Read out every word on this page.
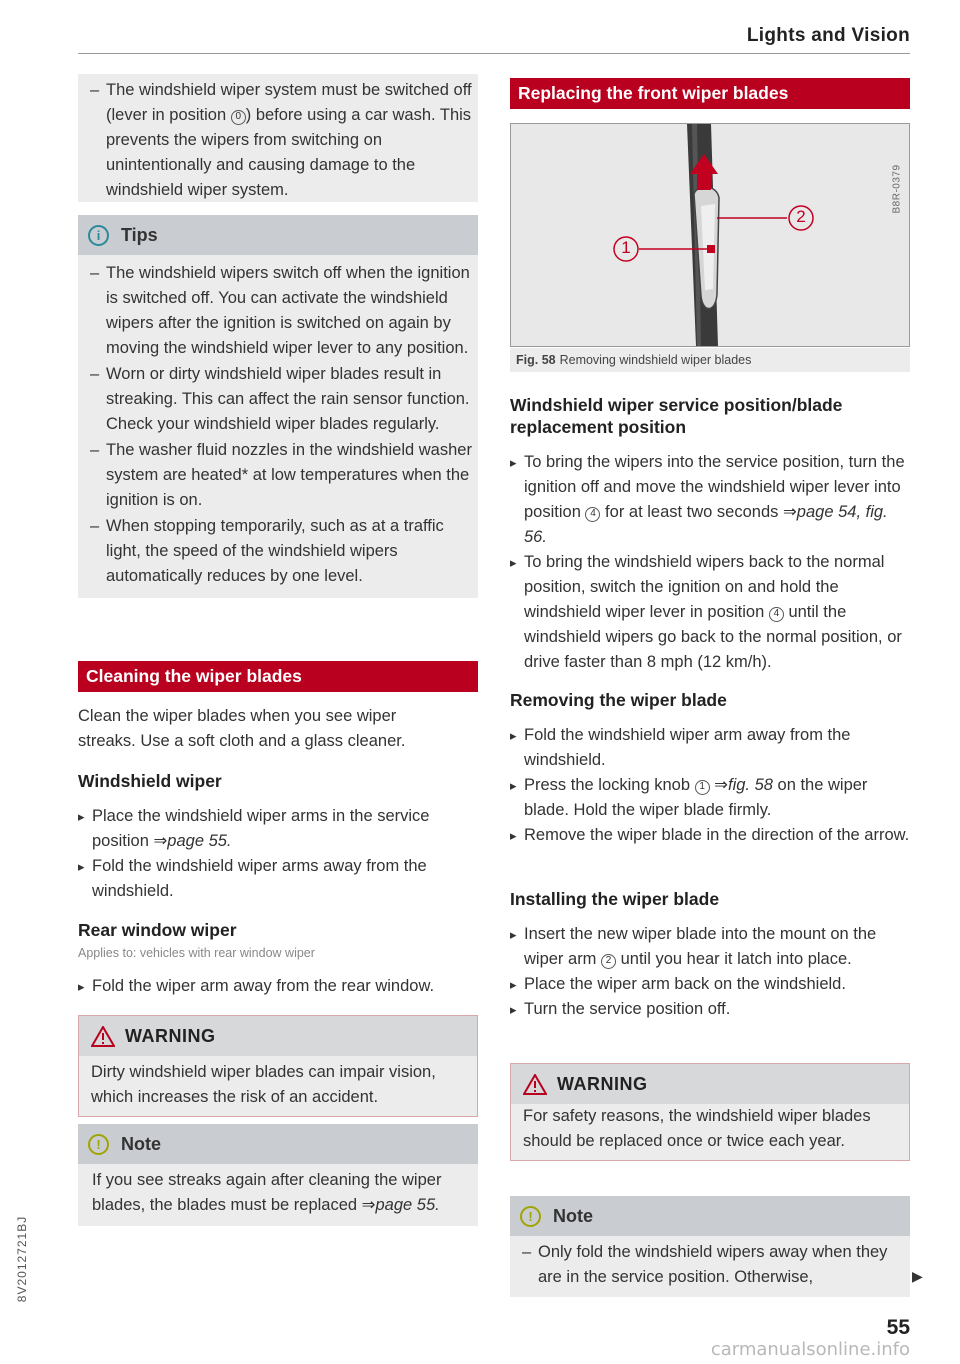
Lights and Vision
– The windshield wiper system must be switched off (lever in position 0 ) before using a car wash. This prevents the wipers from switching on unintentionally and causing damage to the windshield wiper system.
i	Tips
– The windshield wipers switch off when the ignition is switched off. You can activate the windshield wipers after the ignition is switched on again by moving the windshield wiper lever to any position.
– Worn or dirty windshield wiper blades result in streaking. This can affect the rain sensor function. Check your windshield wiper blades regularly.
– The washer fluid nozzles in the windshield washer system are heated* at low temperatures when the ignition is on.
– When stopping temporarily, such as at a traffic light, the speed of the windshield wipers automatically reduces by one level.
Cleaning the wiper blades
Clean the wiper blades when you see wiper streaks. Use a soft cloth and a glass cleaner.
Windshield wiper
▸ Place the windshield wiper arms in the service position ⇒page 55.
▸ Fold the windshield wiper arms away from the windshield.
Rear window wiper
Applies to: vehicles with rear window wiper
▸ Fold the wiper arm away from the rear window.
WARNING
Dirty windshield wiper blades can impair vision, which increases the risk of an accident.
!	Note
If you see streaks again after cleaning the wiper blades, the blades must be replaced ⇒page 55.
8V2012721BJ
Replacing the front wiper blades
1
2
B8R-0379
Fig. 58 Removing windshield wiper blades
Windshield wiper service position/blade replacement position
▸ To bring the wipers into the service position, turn the ignition off and move the windshield wiper lever into position 4 for at least two seconds ⇒page 54, fig. 56.
▸ To bring the windshield wipers back to the normal position, switch the ignition on and hold the windshield wiper lever in position 4 until the windshield wipers go back to the normal position, or drive faster than 8 mph (12 km/h).
Removing the wiper blade
▸ Fold the windshield wiper arm away from the windshield.
▸ Press the locking knob 1 ⇒fig. 58 on the wiper blade. Hold the wiper blade firmly.
▸ Remove the wiper blade in the direction of the arrow.
Installing the wiper blade
▸ Insert the new wiper blade into the mount on the wiper arm 2 until you hear it latch into place.
▸ Place the wiper arm back on the windshield.
▸ Turn the service position off.
WARNING
For safety reasons, the windshield wiper blades should be replaced once or twice each year.
!	Note
– Only fold the windshield wipers away when they are in the service position. Otherwise,	▶
55
carmanualsonline.info
